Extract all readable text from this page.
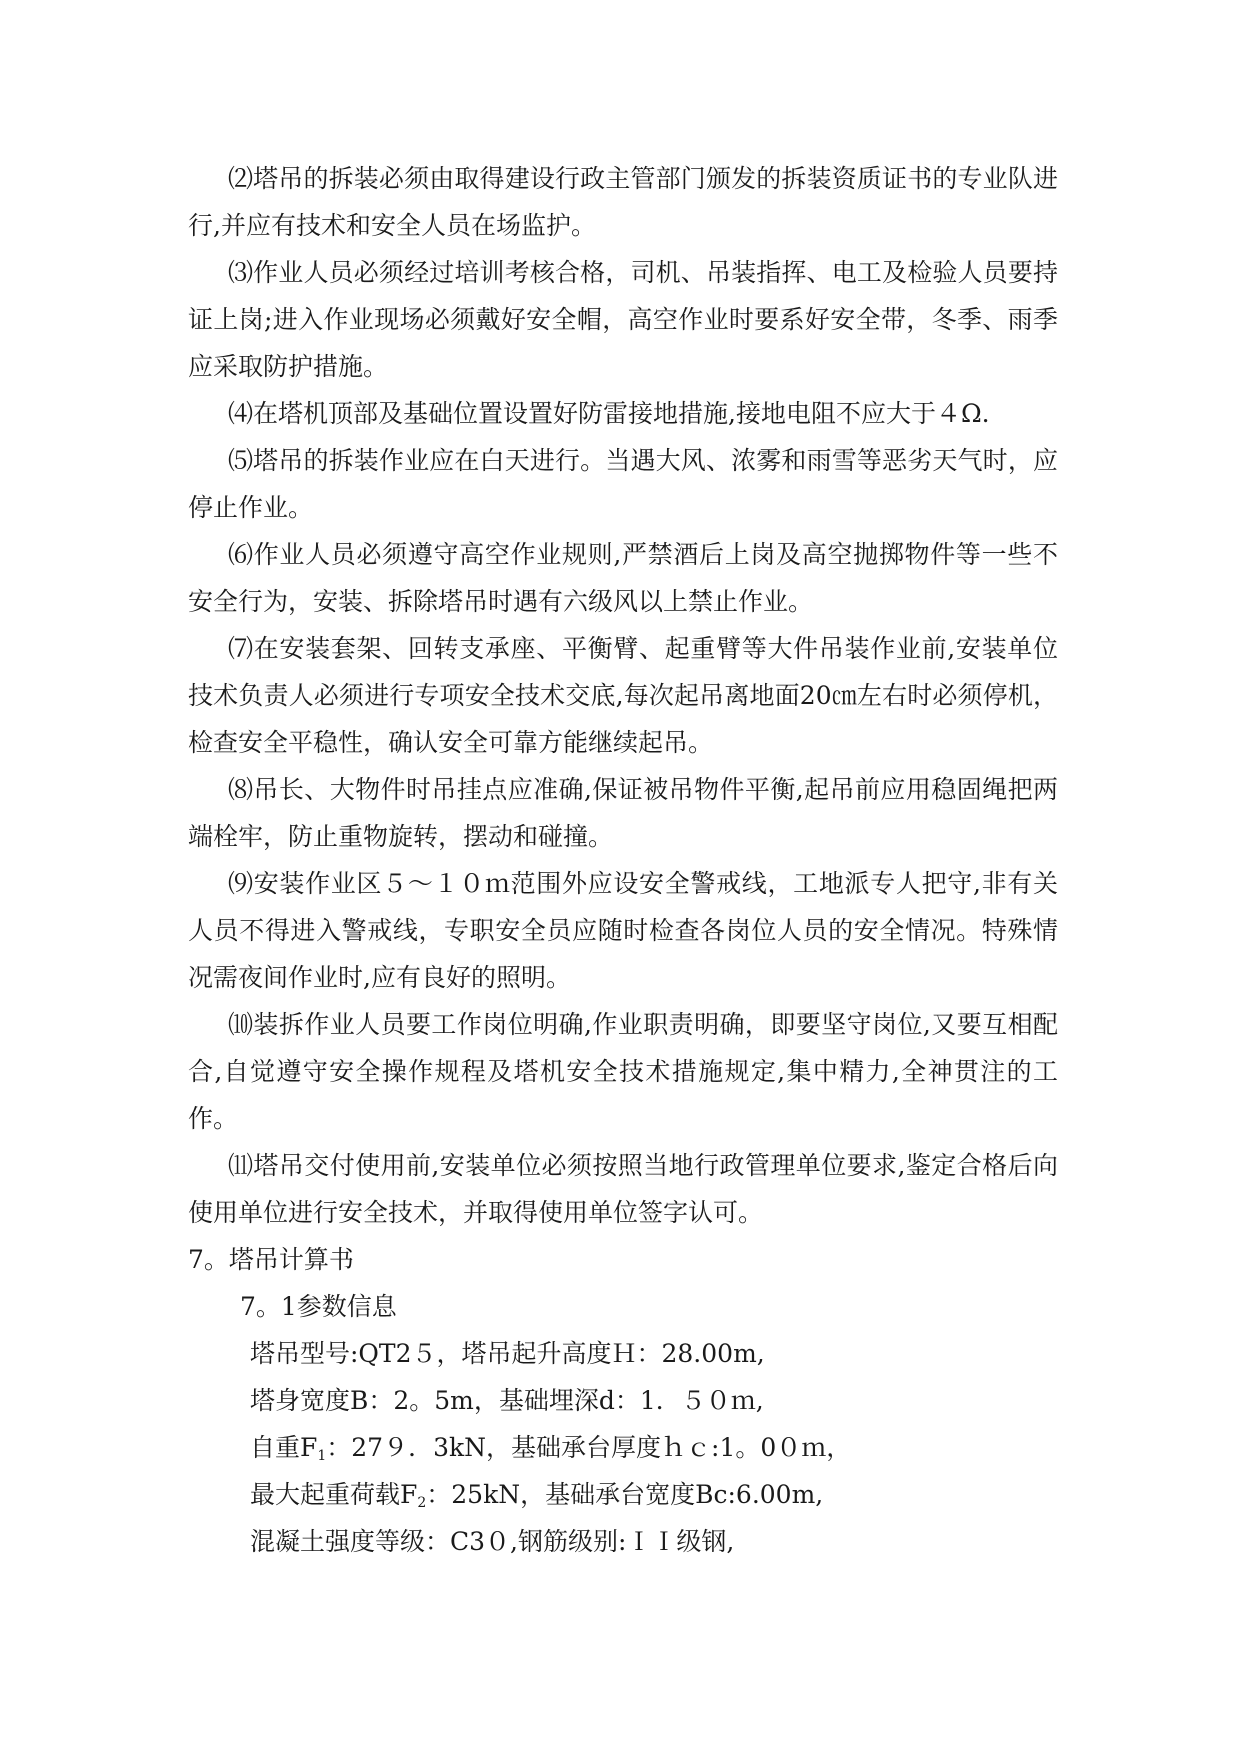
⑵塔吊的拆装必须由取得建设行政主管部门颁发的拆装资质证书的专业队进行,并应有技术和安全人员在场监护。

⑶作业人员必须经过培训考核合格，司机、吊装指挥、电工及检验人员要持证上岗;进入作业现场必须戴好安全帽，高空作业时要系好安全带，冬季、雨季应采取防护措施。

⑷在塔机顶部及基础位置设置好防雷接地措施,接地电阻不应大于４Ω.

⑸塔吊的拆装作业应在白天进行。当遇大风、浓雾和雨雪等恶劣天气时，应停止作业。

⑹作业人员必须遵守高空作业规则,严禁酒后上岗及高空抛掷物件等一些不安全行为，安装、拆除塔吊时遇有六级风以上禁止作业。

⑺在安装套架、回转支承座、平衡臂、起重臂等大件吊装作业前,安装单位技术负责人必须进行专项安全技术交底,每次起吊离地面20㎝左右时必须停机，检查安全平稳性，确认安全可靠方能继续起吊。

⑻吊长、大物件时吊挂点应准确,保证被吊物件平衡,起吊前应用稳固绳把两端栓牢，防止重物旋转，摆动和碰撞。

⑼安装作业区５～１０ｍ范围外应设安全警戒线，工地派专人把守,非有关人员不得进入警戒线，专职安全员应随时检查各岗位人员的安全情况。特殊情况需夜间作业时,应有良好的照明。

⑽装拆作业人员要工作岗位明确,作业职责明确，即要坚守岗位,又要互相配合,自觉遵守安全操作规程及塔机安全技术措施规定,集中精力,全神贯注的工作。

⑾塔吊交付使用前,安装单位必须按照当地行政管理单位要求,鉴定合格后向使用单位进行安全技术，并取得使用单位签字认可。

7。塔吊计算书

7。1参数信息

塔吊型号:QT2５，塔吊起升高度Ｈ：28.00m,

塔身宽度B：2。5m，基础埋深d：1．５０ｍ,

自重$F_1$：27９．3kN，基础承台厚度ｈｃ:1。0０ｍ，

最大起重荷载$F_2$：25kN，基础承台宽度Bc:6.00m,

混凝土强度等级：C3０,钢筋级别:ＩＩ级钢,
